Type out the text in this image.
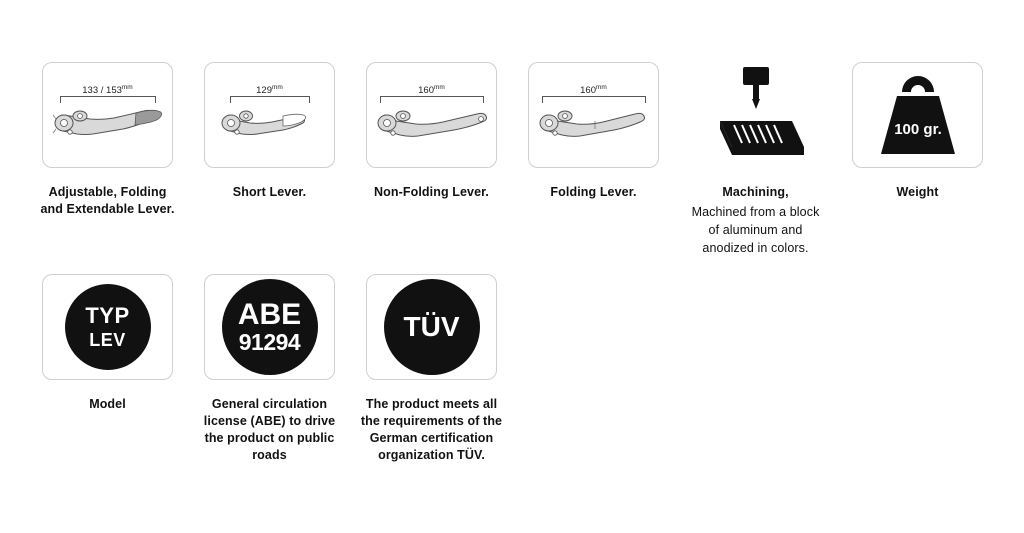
$133 / 153^{mm}$
Adjustable, Folding
and Extendable Lever.
$129^{mm}$
Short Lever.
$160^{mm}$
Non-Folding Lever.
$160^{mm}$
Folding Lever.	Machining,
Machined from a block of aluminum and anodized in colors.
100 gr.
Weight
TYP
LEV
Model
ABE
91294
General circulation license (ABE) to drive the product on public roads
TÜV
The product meets all the requirements of the German certification organization TÜV.
